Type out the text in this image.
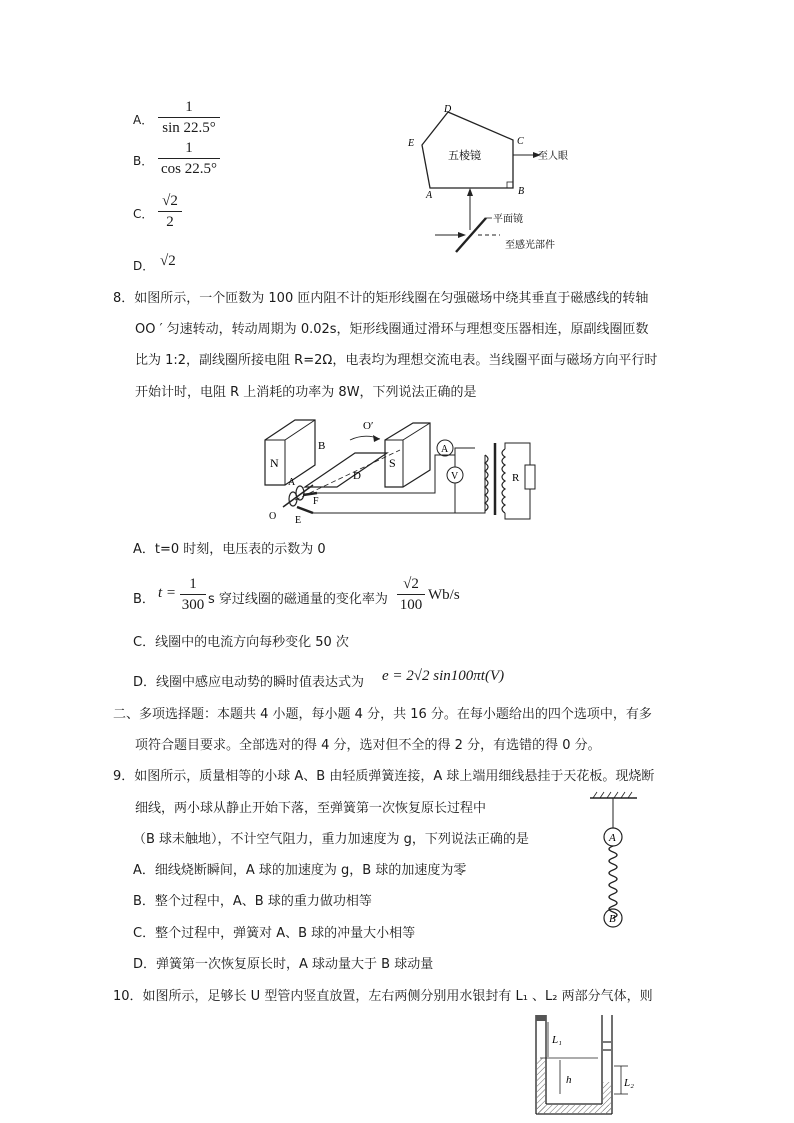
A．
1
sin 22.5°
B．
1
cos 22.5°
C．
√2
2
D． √2
D
C
E
A	B
五棱镜	至人眼
平面镜
至感光部件
8．如图所示，一个匝数为 100 匝内阻不计的矩形线圈在匀强磁场中绕其垂直于磁感线的转轴
OO ′ 匀速转动，转动周期为 0.02s，矩形线圈通过滑环与理想变压器相连，原副线圈匝数
比为 1:2，副线圈所接电阻 R=2Ω，电表均为理想交流电表。当线圈平面与磁场方向平行时
开始计时，电阻 R 上消耗的功率为 8W，下列说法正确的是
N
B
D
O′
S
A
F
O E
A
V	R
A．t=0 时刻，电压表的示数为 0
B． t =
1
300 s 穿过线圈的磁通量的变化率为
√2
100
Wb/s
C．线圈中的电流方向每秒变化 50 次
D．线圈中感应电动势的瞬时值表达式为 e = 2√2 sin100πt(V)
二、多项选择题：本题共 4 小题，每小题 4 分，共 16 分。在每小题给出的四个选项中，有多
项符合题目要求。全部选对的得 4 分，选对但不全的得 2 分，有选错的得 0 分。
9．如图所示，质量相等的小球 A、B 由轻质弹簧连接，A 球上端用细线悬挂于天花板。现烧断
细线，两小球从静止开始下落，至弹簧第一次恢复原长过程中
（B 球未触地），不计空气阻力，重力加速度为 g，下列说法正确的是
A．细线烧断瞬间，A 球的加速度为 g，B 球的加速度为零
B．整个过程中，A、B 球的重力做功相等
C．整个过程中，弹簧对 A、B 球的冲量大小相等
D．弹簧第一次恢复原长时，A 球动量大于 B 球动量
A
B
10．如图所示，足够长 U 型管内竖直放置，左右两侧分别用水银封有 L₁ 、L₂ 两部分气体，则
L₁
h	L₂
